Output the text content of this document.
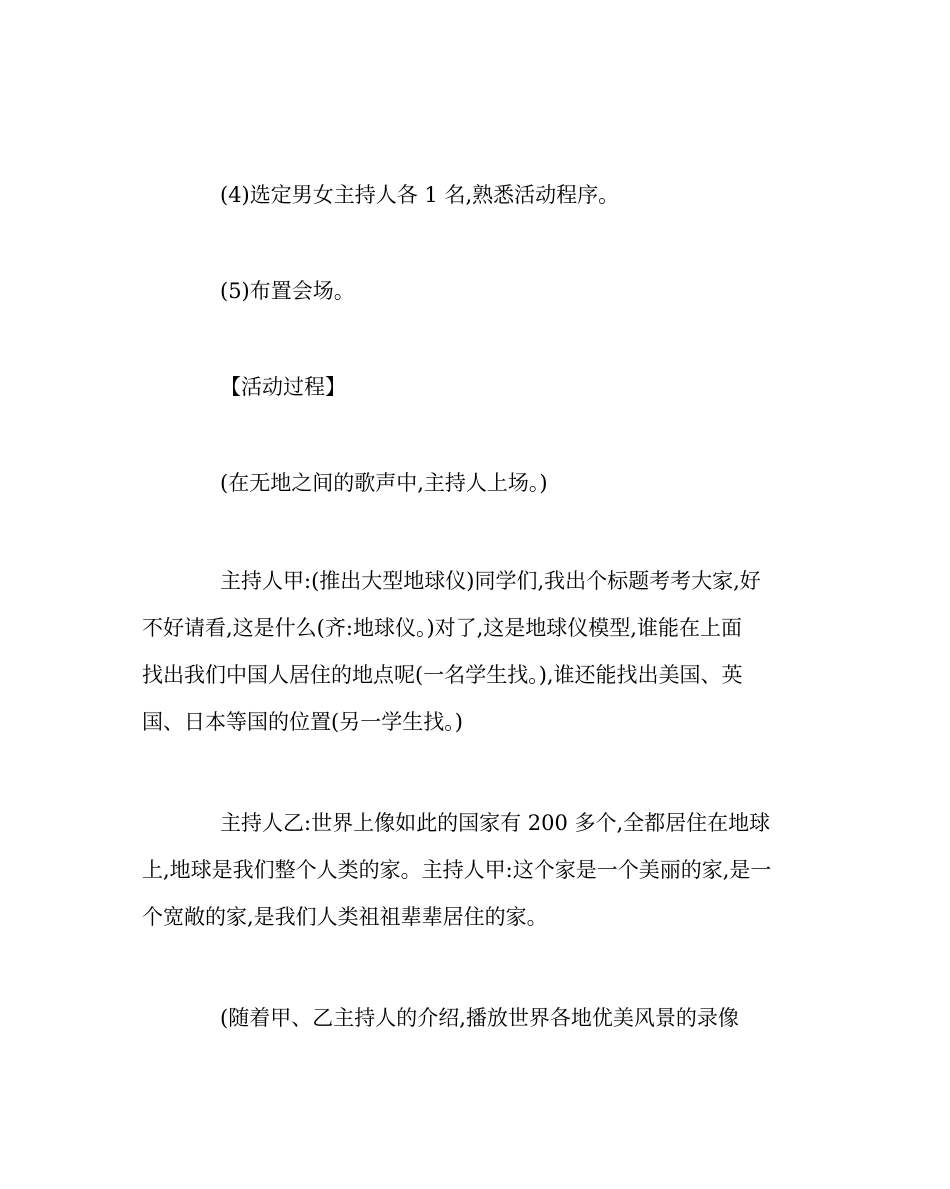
(4)选定男女主持人各 1 名,熟悉活动程序。

(5)布置会场。

【活动过程】

(在无地之间的歌声中,主持人上场。)

主持人甲:(推出大型地球仪)同学们,我出个标题考考大家,好
不好请看,这是什么(齐:地球仪。)对了,这是地球仪模型,谁能在上面
找出我们中国人居住的地点呢(一名学生找。),谁还能找出美国、英
国、日本等国的位置(另一学生找。)

主持人乙:世界上像如此的国家有 200 多个,全都居住在地球
上,地球是我们整个人类的家。主持人甲:这个家是一个美丽的家,是一
个宽敞的家,是我们人类祖祖辈辈居住的家。

(随着甲、乙主持人的介绍,播放世界各地优美风景的录像
